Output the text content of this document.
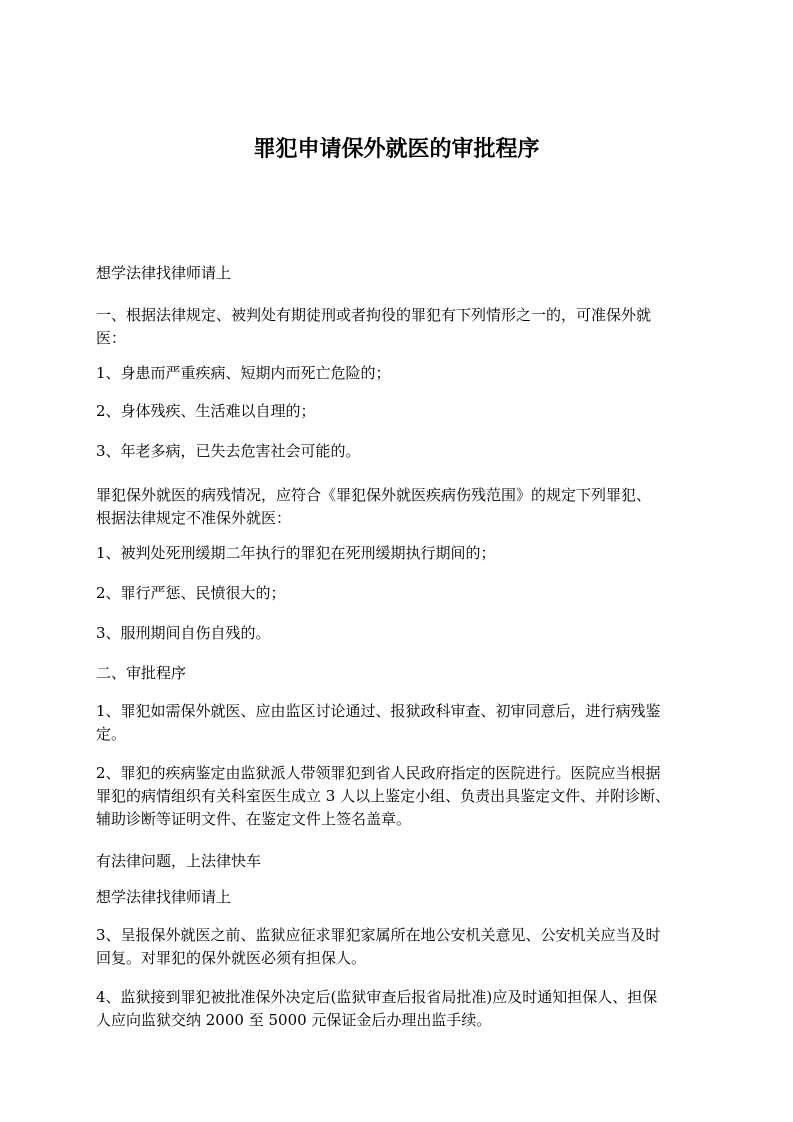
罪犯申请保外就医的审批程序

想学法律找律师请上

一、根据法律规定、被判处有期徒刑或者拘役的罪犯有下列情形之一的，可准保外就
医：

1、身患而严重疾病、短期内而死亡危险的；

2、身体残疾、生活难以自理的；

3、年老多病，已失去危害社会可能的。

罪犯保外就医的病残情况，应符合《罪犯保外就医疾病伤残范围》的规定下列罪犯、
根据法律规定不准保外就医：

1、被判处死刑缓期二年执行的罪犯在死刑缓期执行期间的；

2、罪行严惩、民愤很大的；

3、服刑期间自伤自残的。

二、审批程序

1、罪犯如需保外就医、应由监区讨论通过、报狱政科审查、初审同意后，进行病残鉴
定。

2、罪犯的疾病鉴定由监狱派人带领罪犯到省人民政府指定的医院进行。医院应当根据
罪犯的病情组织有关科室医生成立 3 人以上鉴定小组、负责出具鉴定文件、并附诊断、
辅助诊断等证明文件、在鉴定文件上签名盖章。

有法律问题，上法律快车

想学法律找律师请上

3、呈报保外就医之前、监狱应征求罪犯家属所在地公安机关意见、公安机关应当及时
回复。对罪犯的保外就医必须有担保人。

4、监狱接到罪犯被批准保外决定后(监狱审查后报省局批准)应及时通知担保人、担保
人应向监狱交纳 2000 至 5000 元保证金后办理出监手续。
